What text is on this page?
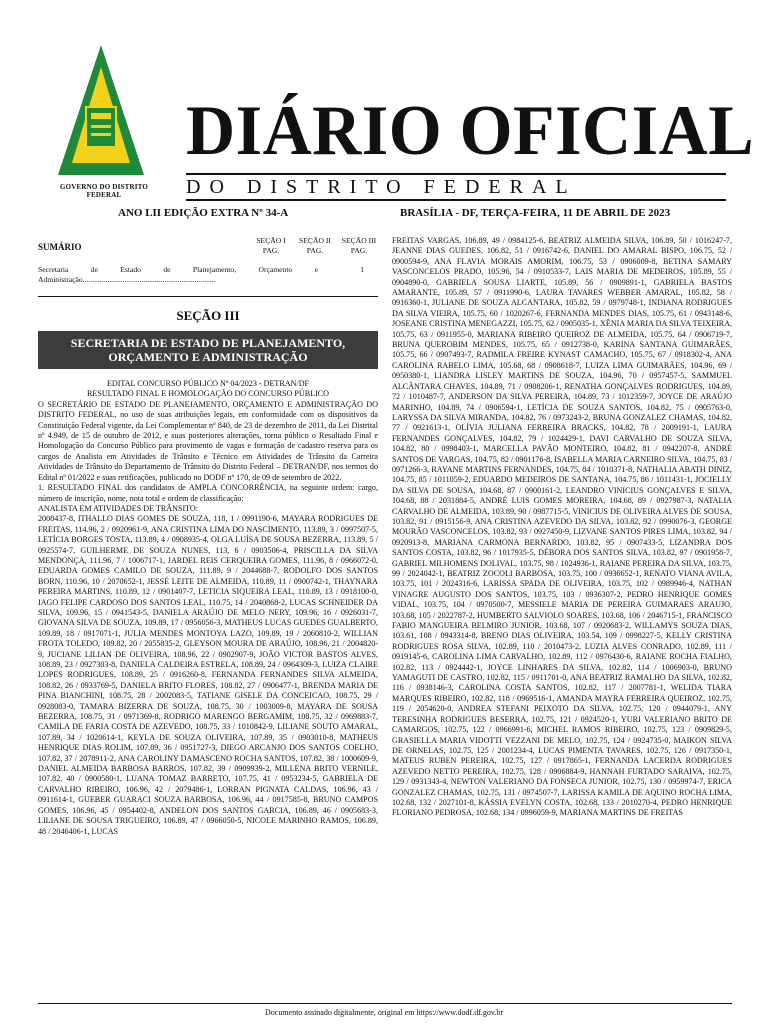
GOVERNO DO DISTRITO FEDERAL
DIÁRIO OFICIAL
DO DISTRITO FEDERAL
ANO LII EDIÇÃO EXTRA Nº 34-A	BRASÍLIA - DF, TERÇA-FEIRA, 11 DE ABRIL DE 2023
SUMÁRIO
SEÇÃO I PAG.
SEÇÃO II PAG.
SEÇÃO III PAG.
Secretaria de Estado de Planejamento, Orçamento e Administração......................................................................
1
SEÇÃO III
SECRETARIA DE ESTADO DE PLANEJAMENTO, ORÇAMENTO E ADMINISTRAÇÃO
EDITAL CONCURSO PÚBLICO Nº 04/2023 - DETRAN/DF
RESULTADO FINAL E HOMOLOGAÇÃO DO CONCURSO PÚBLICO

O SECRETÁRIO DE ESTADO DE PLANEJAMENTO, ORÇAMENTO E ADMINISTRAÇÃO DO DISTRITO FEDERAL, no uso de suas atribuições legais, em conformidade com os dispositivos da Constituição Federal vigente, da Lei Complementar nº 840, de 23 de dezembro de 2011, da Lei Distrital nº 4.949, de 15 de outubro de 2012, e suas posteriores alterações, torna público o Resultado Final e Homologação do Concurso Público para provimento de vagas e formação de cadastro reserva para os cargos de Analista em Atividades de Trânsito e Técnico em Atividades de Trânsito da Carreira Atividades de Trânsito do Departamento de Trânsito do Distrito Federal – DETRAN/DF, nos termos do Edital nº 01/2022 e suas retificações, publicado no DODF nº 170, de 09 de setembro de 2022.

1. RESULTADO FINAL dos candidatos de AMPLA CONCORRÊNCIA, na seguinte ordem: cargo, número de inscrição, nome, nota total e ordem de classificação:

ANALISTA EM ATIVIDADES DE TRÂNSITO:

2008437-8, ITHALLO DIAS GOMES DE SOUZA, 118, 1 / 0991190-6, MAYARA RODRIGUES DE FREITAS, 114.96, 2 / 0920961-9, ANA CRISTINA LIMA DO NASCIMENTO, 113.89, 3 / 0997507-5, LETÍCIA BORGES TOSTA, 113.89, 4 / 0908935-4, OLGA LUÍSA DE SOUSA BEZERRA, 113.89, 5 / 0925574-7, GUILHERME DE SOUZA NUNES, 113, 6 / 0903506-4, PRISCILLA DA SILVA MENDONÇA, 111.96, 7 / 1006717-1, JARDEL REIS CERQUEIRA GOMES, 111.96, 8 / 0966072-0, EDUARDA GOMES CAMILO DE SOUZA, 111.89, 9 / 2044688-7, RODOLFO DOS SANTOS BORN, 110.96, 10 / 2070652-1, JESSÉ LEITE DE ALMEIDA, 110.89, 11 / 0900742-1, THAYNARA PEREIRA MARTINS, 110.89, 12 / 0901407-7, LETICIA SIQUEIRA LEAL, 110.89, 13 / 0918100-0, IAGO FELIPE CARDOSO DOS SANTOS LEAL, 110.75, 14 / 2040868-2, LUCAS SCHNEIDER DA SILVA, 109.96, 15 / 0941543-5, DANIELA ARAÚJO DE MELO NERY, 109.96, 16 / 0926031-7, GIOVANA SILVA DE SOUZA, 109.89, 17 / 0956056-3, MATHEUS LUCAS GUEDES GUALBERTO, 109.89, 18 / 0917071-1, JULIA MENDES MONTOYA LAZO, 109.89, 19 / 2060810-2, WILLIAN FROTA TOLEDO, 109.82, 20 / 2055835-2, GLEYSON MOURA DE ARAÚJO, 108.96, 21 / 2004820-9, JUCIANE LILIAN DE OLIVEIRA, 108.96, 22 / 0902907-9, JOÃO VICTOR BASTOS ALVES, 108.89, 23 / 0927303-8, DANIELA CALDEIRA ESTRELA, 108.89, 24 / 0964309-3, LUIZA CLAIRE LOPES RODRIGUES, 108.89, 25 / 0916260-8, FERNANDA FERNANDES SILVA ALMEIDA, 108.82, 26 / 0933769-5, DANIELA BRITO FLORES, 108.82, 27 / 0906477-1, BRENDA MARIA DE PINA BIANCHINI, 108.75, 28 / 2002083-5, TATIANE GISELE DA CONCEICAO, 108.75, 29 / 0928083-0, TAMARA BIZERRA DE SOUZA, 108.75, 30 / 1003009-8, MAYARA DE SOUSA BEZERRA, 108.75, 31 / 0971369-8, RODRIGO MARENGO BERGAMIM, 108.75, 32 / 0969883-7, CAMILA DE FARIA COSTA DE AZEVEDO, 108.75, 33 / 1010842-9, LILIANE SOUTO AMARAL, 107.89, 34 / 1020614-1, KEYLA DE SOUZA OLIVEIRA, 107.89, 35 / 0903010-8, MATHEUS HENRIQUE DIAS ROLIM, 107.89, 36 / 0951727-3, DIEGO ARCANJO DOS SANTOS COELHO, 107.82, 37 / 2078911-2, ANA CAROLINY DAMASCENO ROCHA SANTOS, 107.82, 38 / 1000609-9, DANIEL ALMEIDA BARBOSA BARROS, 107.82, 39 / 0909939-2, MILLENA BRITO VERNILE, 107.82, 40 / 0900580-1, LUANA TOMAZ BARRETO, 107.75, 41 / 0953234-5, GABRIELA DE CARVALHO RIBEIRO, 106.96, 42 / 2079486-1, LORRAN PIGNATA CALDAS, 106.96, 43 / 0911614-1, GUEBER GUARACI SOUZA BARBOSA, 106.96, 44 / 0917585-8, BRUNO CAMPOS GOMES, 106.96, 45 / 0954402-8, ANDELON DOS SANTOS GARCIA, 106.89, 46 / 0905683-3, LILIANE DE SOUSA TRIGUEIRO, 106.89, 47 / 0966050-5, NICOLE MARINHO RAMOS, 106.89, 48 / 2046406-1, LUCAS

FREITAS VARGAS, 106.89, 49 / 0984125-6, BEATRIZ ALMEIDA SILVA, 106.89, 50 / 1016247-7, JEANNE DIAS GUEDES, 106.82, 51 / 0916742-6, DANIEL DO AMARAL BISPO, 106.75, 52 / 0900594-9, ANA FLAVIA MORAIS AMORIM, 106.75, 53 / 0906009-8, BETINA SAMARY VASCONCELOS PRADO, 105.96, 54 / 0910533-7, LAIS MARIA DE MEDEIROS, 105.89, 55 / 0904890-0, GABRIELA SOUSA LIARTE, 105.89, 56 / 0909891-1, GABRIELA BASTOS AMARANTE, 105.89, 57 / 0911990-6, LAURA TAVARES WEBBER AMARAL, 105.82, 58 / 0916360-1, JULIANE DE SOUZA ALCANTARA, 105.82, 59 / 0979748-1, INDIANA RODRIGUES DA SILVA VIEIRA, 105.75, 60 / 1020267-6, FERNANDA MENDES DIAS, 105.75, 61 / 0943148-6, JOSEANE CRISTINA MENEGAZZI, 105.75, 62 / 0905035-1, XÊNIA MARIA DA SILVA TEIXEIRA, 105.75, 63 / 0911955-0, MARIANA RIBEIRO QUEIROZ DE ALMEIDA, 105.75, 64 / 0906719-7, BRUNA QUEROBIM MENDES, 105.75, 65 / 0912738-0, KARINA SANTANA GUIMARÃES, 105.75, 66 / 0907493-7, RADMILA FREIRE KYNAST CAMACHO, 105.75, 67 / 0918302-4, ANA CAROLINA RABELO LIMA, 105.68, 68 / 0908618-7, LUIZA LIMA GUIMARÃES, 104.96, 69 / 0950380-1, LIANDRA LISLEY MARTINS DE SOUZA, 104.96, 70 / 0957457-5, SAMMUEL ALCÂNTARA CHAVES, 104.89, 71 / 0908206-1, RENATHA GONÇALVES RODRIGUES, 104.89, 72 / 1010487-7, ANDERSON DA SILVA PEREIRA, 104.89, 73 / 1012359-7, JOYCE DE ARAÚJO MARINHO, 104.89, 74 / 0906594-1, LETÍCIA DE SOUZA SANTOS, 104.82, 75 / 0905763-0, LARYSSA DA SILVA MIRANDA, 104.82, 76 / 0973243-2, BRUNA GONZALEZ CHAMAS, 104.82, 77 / 0921613-1, OLÍVIA JULIANA FERREIRA BRACKS, 104.82, 78 / 2009191-1, LAURA FERNANDES GONÇALVES, 104.82, 79 / 1024429-1, DAVI CARVALHO DE SOUZA SILVA, 104.82, 80 / 0998403-1, MARCELLA PAVÃO MONTEIRO, 104.82, 81 / 0942207-8, ANDRÉ SANTOS DE VARGAS, 104.75, 82 / 0901176-8, ISABELLA MARIA CARNEIRO SILVA, 104.75, 83 / 0971266-3, RAYANE MARTINS FERNANDES, 104.75, 84 / 1010371-8, NATHALIA ABATH DINIZ, 104.75, 85 / 1011059-2, EDUARDO MEDEIROS DE SANTANA, 104.75, 86 / 1011431-1, JOCIELLY DA SILVA DE SOUSA, 104.68, 87 / 0900161-2, LEANDRO VINICIUS GONÇALVES E SILVA, 104.68, 88 / 2031884-5, ANDRÉ LUIS GOMES MOREIRA, 104.68, 89 / 0927987-3, NATALIA CARVALHO DE ALMEIDA, 103.89, 90 / 0987715-5, VINICIUS DE OLIVEIRA ALVES DE SOUSA, 103.82, 91 / 0915156-9, ANA CRISTINA AZEVEDO DA SILVA, 103.82, 92 / 0990076-3, GEORGE MOURÃO VASCONCELOS, 103.82, 93 / 0927450-9, LIZVANE SANTOS PIRES LIMA, 103.82, 94 / 0920913-8, MARIANA CARMONA BERNARDO, 103.82, 95 / 0907433-5, LIZANDRA DOS SANTOS COSTA, 103.82, 96 / 1017935-5, DÉBORA DOS SANTOS SILVA, 103.82, 97 / 0901958-7, GABRIEL MILHOMENS DOLIVAL, 103.75, 98 / 1024936-1, RAIANE PEREIRA DA SILVA, 103.75, 99 / 2024042-1, BEATRIZ ZOCOLI BARBOSA, 103.75, 100 / 0936652-1, RENATO VIANA AVILA, 103.75, 101 / 2024316-6, LARISSA SPADA DE OLIVEIRA, 103.75, 102 / 0989946-4, NATHAN VINAGRE AUGUSTO DOS SANTOS, 103.75, 103 / 0936307-2, PEDRO HENRIQUE GOMES VIDAL, 103.75, 104 / 0970500-7, MESSIELE MARIA DE PEREIRA GUIMARAES ARAUJO, 103.68, 105 / 2022787-2, HUMBERTO SALVIOLO SOARES, 103.68, 106 / 2046715-1, FRANCISCO FABIO MANGUEIRA BELMIRO JUNIOR, 103.68, 107 / 0920683-2, WILLAMYS SOUZA DIAS, 103.61, 108 / 0943314-8, BRENO DIAS OLIVEIRA, 103.54, 109 / 0998227-5, KELLY CRISTINA RODRIGUES ROSA SILVA, 102.89, 110 / 2010473-2, LUZIA ALVES CONRADO, 102.89, 111 / 0919145-6, CAROLINA LIMA CARVALHO, 102.89, 112 / 0976430-6, RAIANE ROCHA FIALHO, 102.82, 113 / 0924442-1, JOYCE LINHARES DA SILVA, 102.82, 114 / 1006903-0, BRUNO YAMAGUTI DE CASTRO, 102.82, 115 / 0911701-0, ANA BEATRIZ RAMALHO DA SILVA, 102.82, 116 / 0938146-3, CAROLINA COSTA SANTOS, 102.82, 117 / 2007781-1, WELIDA TIARA MARQUES RIBEIRO, 102.82, 118 / 0969516-1, AMANDA MAYRA FERREIRA QUEIROZ, 102.75, 119 / 2054620-0, ANDREA STEFANI PEIXOTO DA SILVA, 102.75, 120 / 0944079-1, ANY TERESINHA RODRIGUES BESERRA, 102.75, 121 / 0924520-1, YURI VALERIANO BRITO DE CAMARGOS, 102.75, 122 / 0966991-6, MICHEL RAMOS RIBEIRO, 102.75, 123 / 0909829-5, GRASIELLA MARIA VIDOTTI VEZZANI DE MELO, 102.75, 124 / 0924735-0, MAIKON SILVA DE ORNELAS, 102.75, 125 / 2001234-4, LUCAS PIMENTA TAVARES, 102.75, 126 / 0917350-1, MATEUS RUBEN PEREIRA, 102.75, 127 / 0917865-1, FERNANDA LACERDA RODRIGUES AZEVEDO NETTO PEREIRA, 102.75, 128 / 0906884-9, HANNAH FURTADO SARAIVA, 102.75, 129 / 0931343-4, NEWTON VALERIANO DA FONSECA JUNIOR, 102.75, 130 / 0959974-7, ERICA GONZALEZ CHAMAS, 102.75, 131 / 0974507-7, LARISSA KAMILA DE AQUINO ROCHA LIMA, 102.68, 132 / 2027101-8, KÁSSIA EVELYN COSTA, 102.68, 133 / 2010270-4, PEDRO HENRIQUE FLORIANO PEDROSA, 102.68, 134 / 0996059-9, MARIANA MARTINS DE FREITAS

Documento assinado digitalmente, original em https://www.dodf.df.gov.br
